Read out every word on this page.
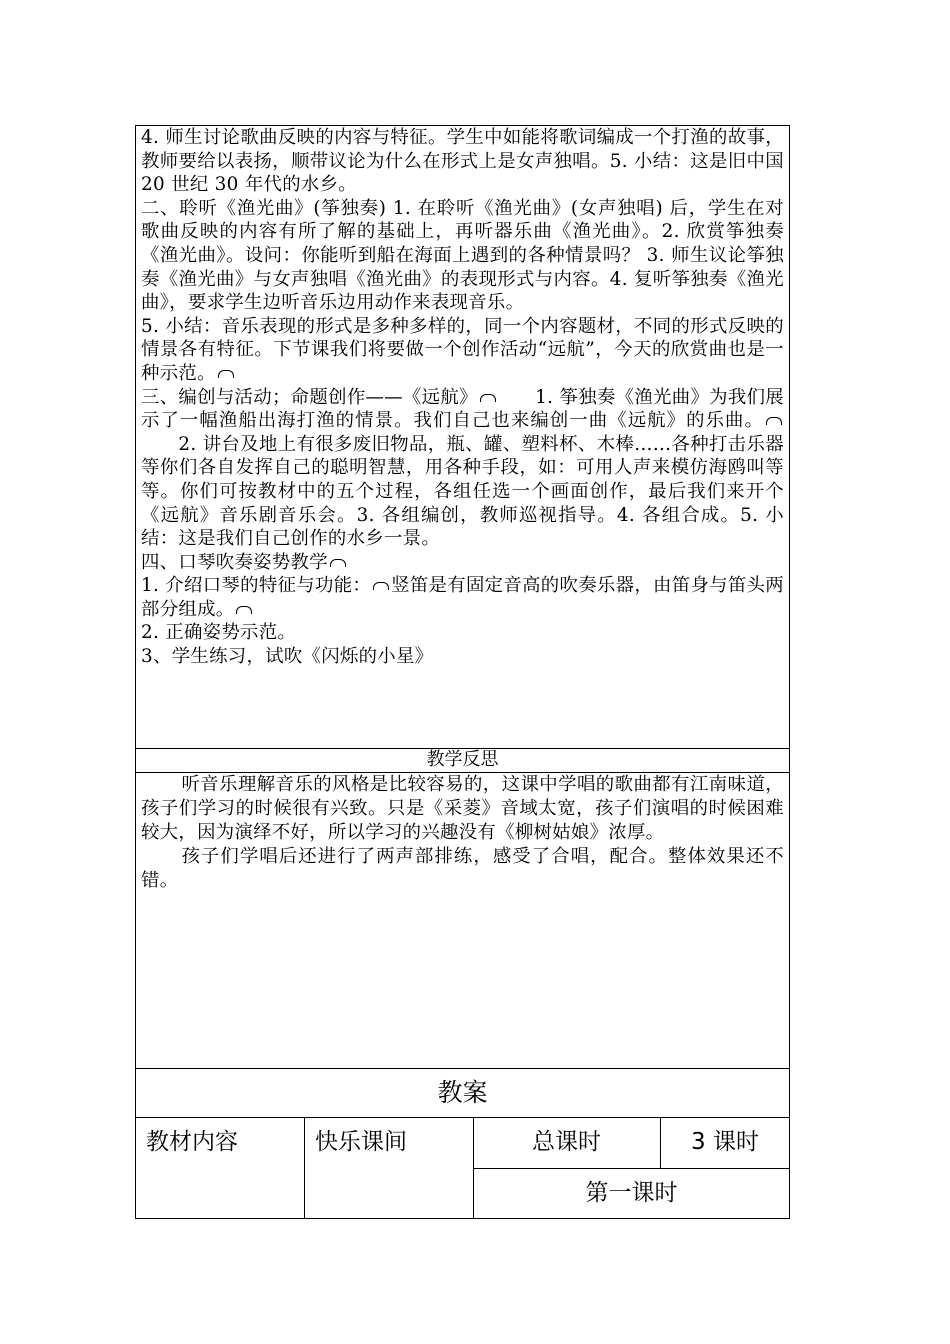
4. 师生讨论歌曲反映的内容与特征。学生中如能将歌词编成一个打渔的故事，教师要给以表扬，顺带议论为什么在形式上是女声独唱。5. 小结：这是旧中国 20 世纪 30 年代的水乡。

二、聆听《渔光曲》(筝独奏) 1. 在聆听《渔光曲》(女声独唱) 后，学生在对歌曲反映的内容有所了解的基础上，再听器乐曲《渔光曲》。2. 欣赏筝独奏《渔光曲》。设问：你能听到船在海面上遇到的各种情景吗？ 3. 师生议论筝独奏《渔光曲》与女声独唱《渔光曲》的表现形式与内容。4. 复听筝独奏《渔光曲》，要求学生边听音乐边用动作来表现音乐。

5. 小结：音乐表现的形式是多种多样的，同一个内容题材，不同的形式反映的情景各有特征。下节课我们将要做一个创作活动“远航”，今天的欣赏曲也是一种示范。

三、编创与活动；命题创作——《远航》  	1. 筝独奏《渔光曲》为我们展示了一幅渔船出海打渔的情景。我们自己也来编创一曲《远航》的乐曲。  2. 讲台及地上有很多废旧物品，瓶、罐、塑料杯、木棒……各种打击乐器等你们各自发挥自己的聪明智慧，用各种手段，如：可用人声来模仿海鸥叫等等。你们可按教材中的五个过程，各组任选一个画面创作，最后我们来开个《远航》音乐剧音乐会。3. 各组编创，教师巡视指导。4. 各组合成。5. 小结：这是我们自己创作的水乡一景。

四、口琴吹奏姿势教学

1. 介绍口琴的特征与功能： 竖笛是有固定音高的吹奏乐器，由笛身与笛头两部分组成。

2. 正确姿势示范。

3、学生练习，试吹《闪烁的小星》

教学反思

听音乐理解音乐的风格是比较容易的，这课中学唱的歌曲都有江南味道，孩子们学习的时候很有兴致。只是《采菱》音域太宽，孩子们演唱的时候困难较大，因为演绎不好，所以学习的兴趣没有《柳树姑娘》浓厚。

孩子们学唱后还进行了两声部排练，感受了合唱，配合。整体效果还不错。

教案
教材内容	快乐课间	总课时	3 课时
第一课时
